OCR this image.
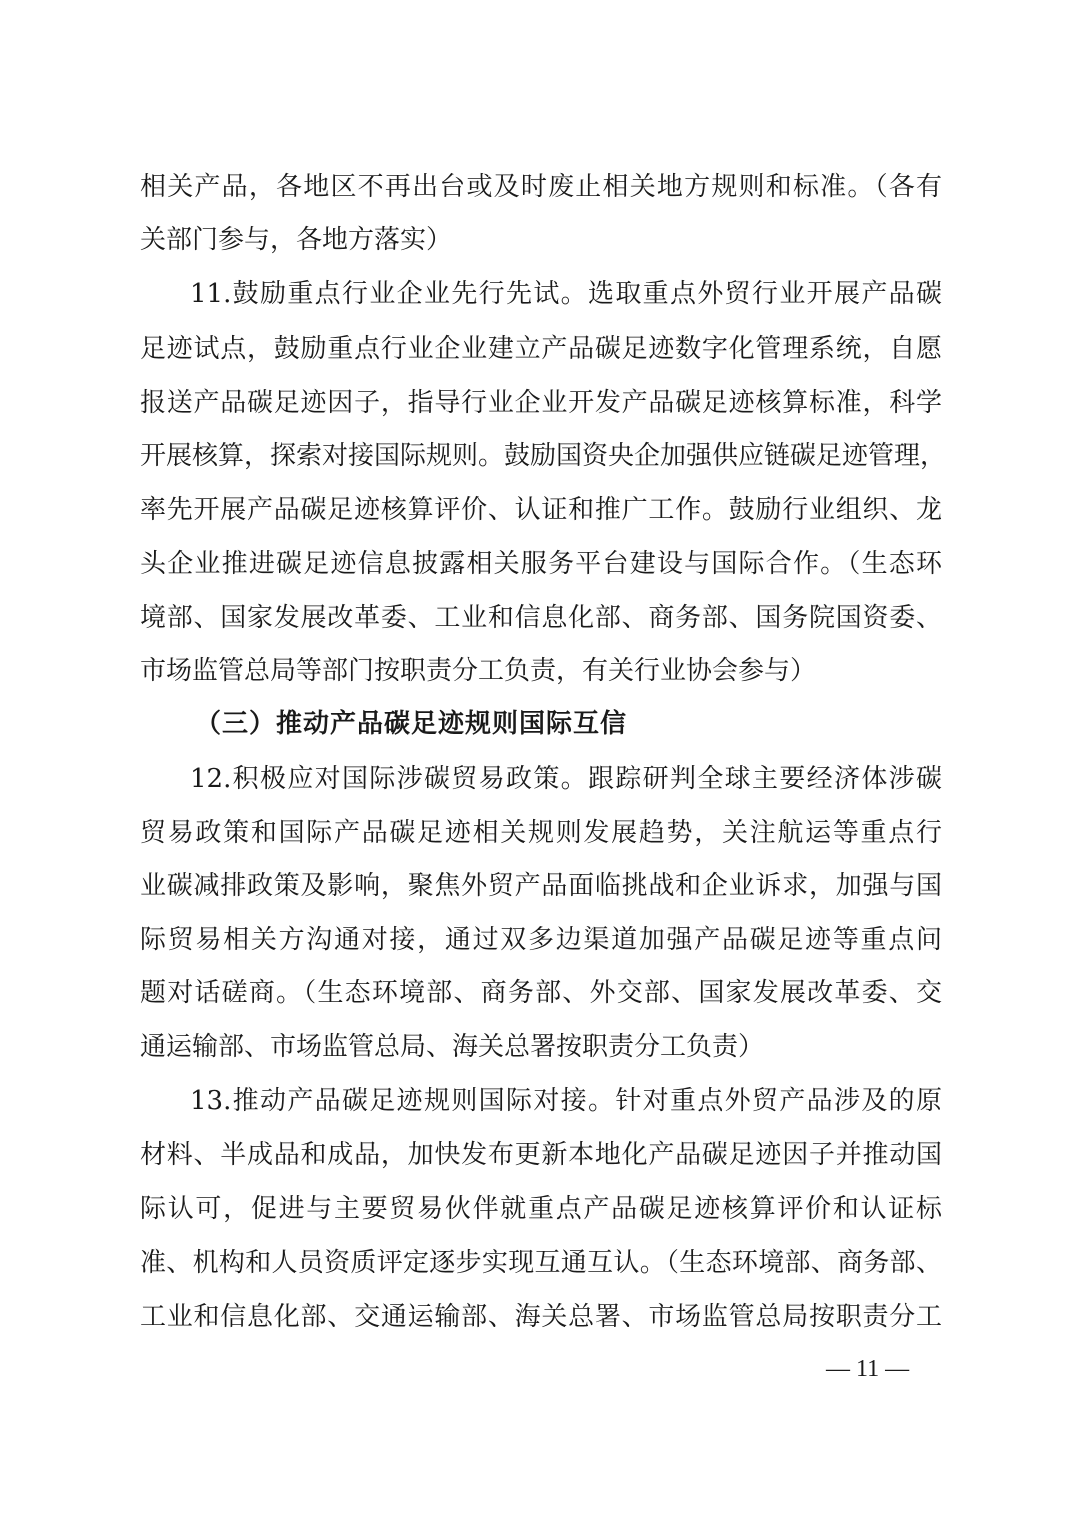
相关产品，各地区不再出台或及时废止相关地方规则和标准。（各有
关部门参与，各地方落实）
11.鼓励重点行业企业先行先试。选取重点外贸行业开展产品碳
足迹试点，鼓励重点行业企业建立产品碳足迹数字化管理系统，自愿
报送产品碳足迹因子，指导行业企业开发产品碳足迹核算标准，科学
开展核算，探索对接国际规则。鼓励国资央企加强供应链碳足迹管理，
率先开展产品碳足迹核算评价、认证和推广工作。鼓励行业组织、龙
头企业推进碳足迹信息披露相关服务平台建设与国际合作。（生态环
境部、国家发展改革委、工业和信息化部、商务部、国务院国资委、
市场监管总局等部门按职责分工负责，有关行业协会参与）
（三）推动产品碳足迹规则国际互信
12.积极应对国际涉碳贸易政策。跟踪研判全球主要经济体涉碳
贸易政策和国际产品碳足迹相关规则发展趋势，关注航运等重点行
业碳减排政策及影响，聚焦外贸产品面临挑战和企业诉求，加强与国
际贸易相关方沟通对接，通过双多边渠道加强产品碳足迹等重点问
题对话磋商。（生态环境部、商务部、外交部、国家发展改革委、交
通运输部、市场监管总局、海关总署按职责分工负责）
13.推动产品碳足迹规则国际对接。针对重点外贸产品涉及的原
材料、半成品和成品，加快发布更新本地化产品碳足迹因子并推动国
际认可，促进与主要贸易伙伴就重点产品碳足迹核算评价和认证标
准、机构和人员资质评定逐步实现互通互认。（生态环境部、商务部、
工业和信息化部、交通运输部、海关总署、市场监管总局按职责分工
— 11 —
